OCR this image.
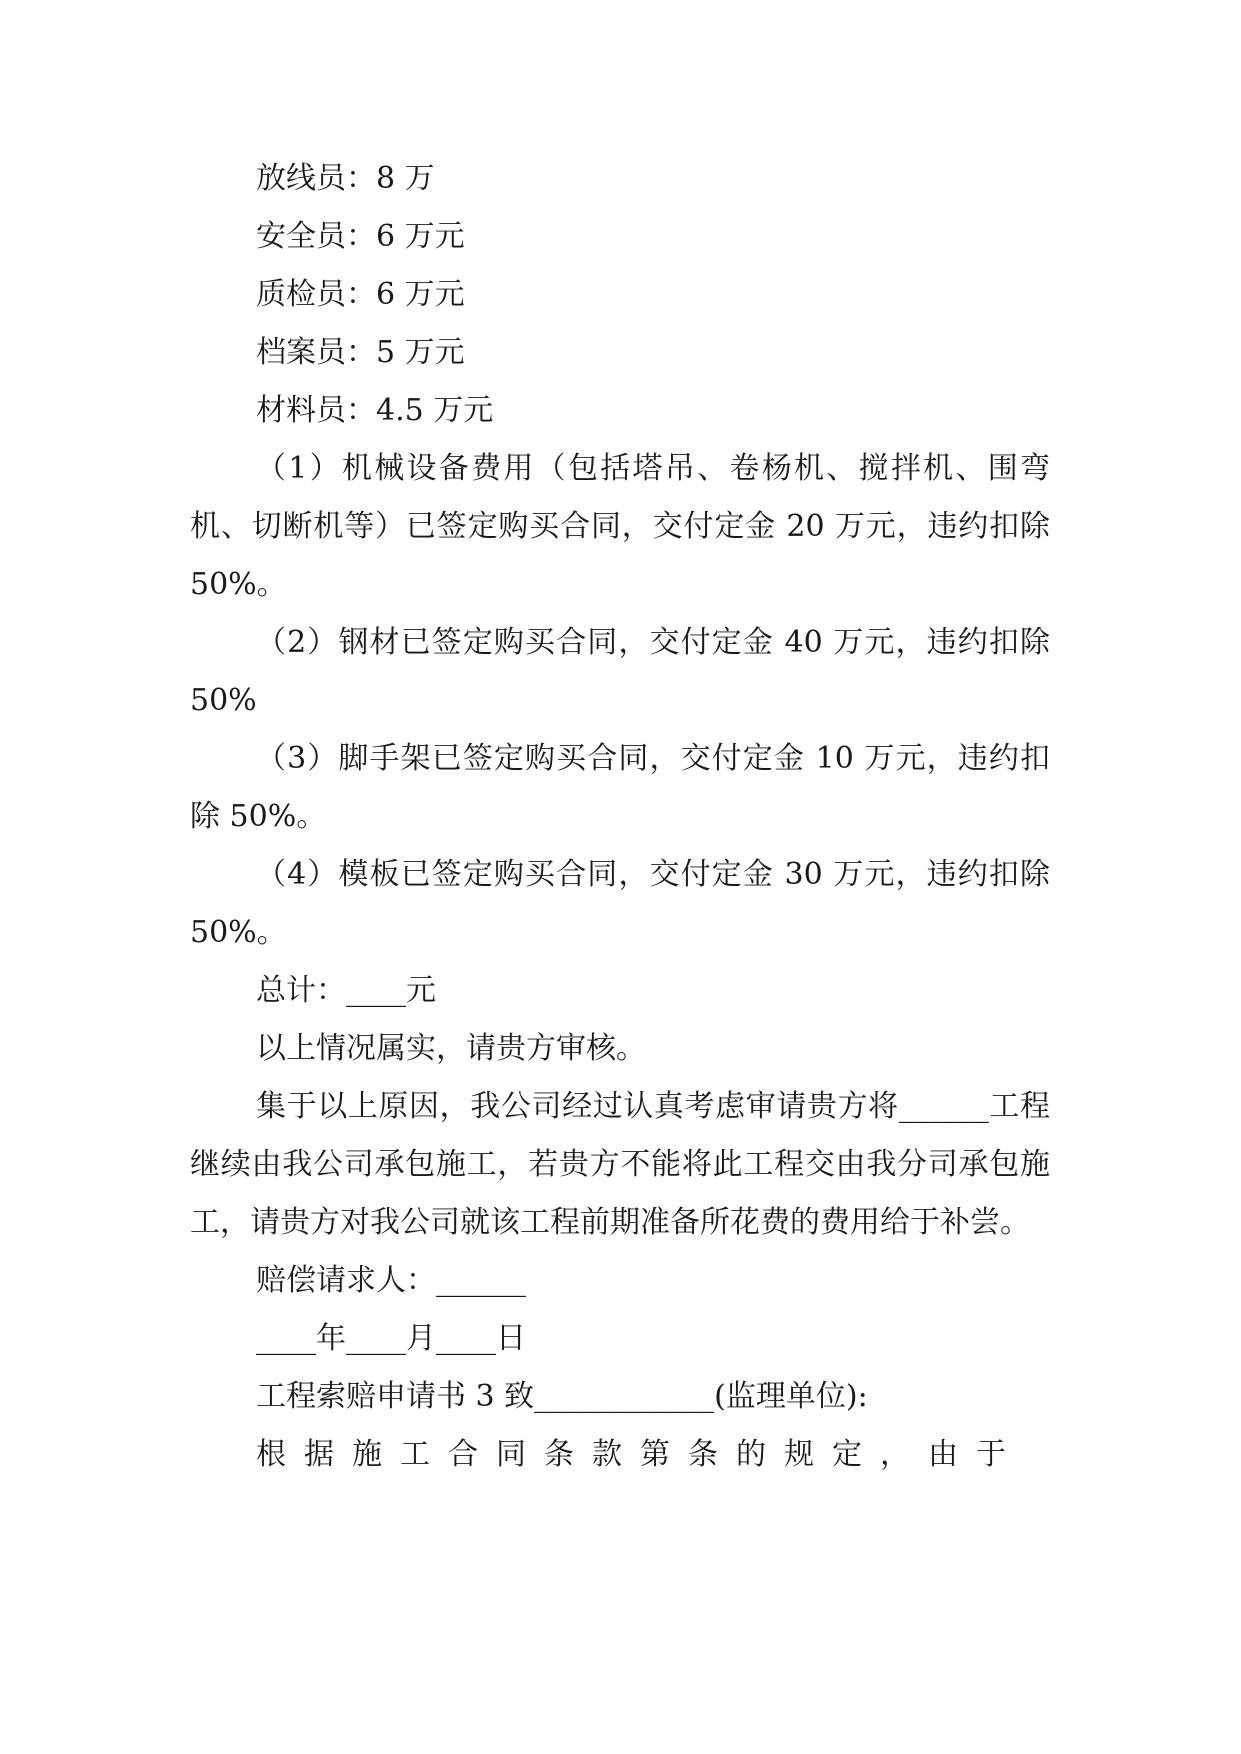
放线员：8 万

安全员：6 万元

质检员：6 万元

档案员：5 万元

材料员：4.5 万元

（1）机械设备费用（包括塔吊、卷杨机、搅拌机、围弯机、切断机等）已签定购买合同，交付定金 20 万元，违约扣除 50%。

（2）钢材已签定购买合同，交付定金 40 万元，违约扣除 50%

（3）脚手架已签定购买合同，交付定金 10 万元，违约扣除 50%。

（4）模板已签定购买合同，交付定金 30 万元，违约扣除 50%。

总计：____元

以上情况属实，请贵方审核。

集于以上原因，我公司经过认真考虑审请贵方将______工程继续由我公司承包施工，若贵方不能将此工程交由我分司承包施工，请贵方对我公司就该工程前期准备所花费的费用给于补尝。

赔偿请求人：______

____年____月____日

工程索赔申请书 3 致____________(监理单位):

根据施工合同条款第条的规定，由于
